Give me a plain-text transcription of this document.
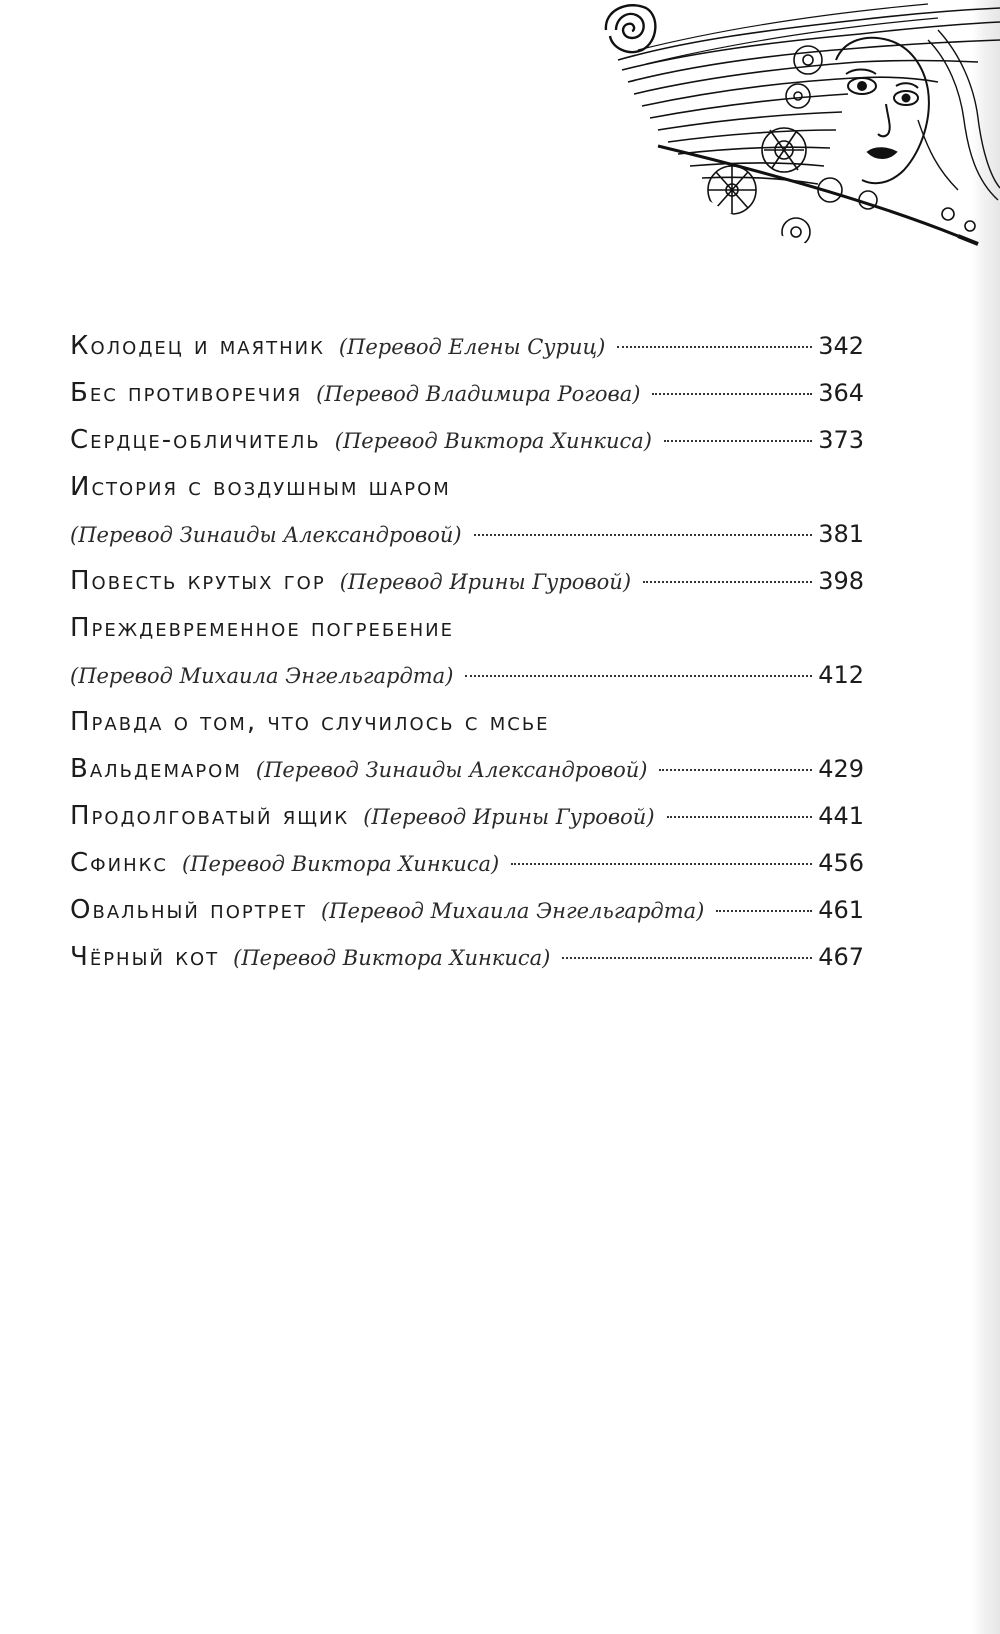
Колодец и маятник (Перевод Елены Суриц)	342
Бес противоречия (Перевод Владимира Рогова)	364
Сердце-обличитель (Перевод Виктора Хинкиса)	373
История с воздушным шаром
(Перевод Зинаиды Александровой)	381
Повесть крутых гор (Перевод Ирины Гуровой)	398
Преждевременное погребение
(Перевод Михаила Энгельгардта)	412
Правда о том, что случилось с мсье
Вальдемаром (Перевод Зинаиды Александровой)	429
Продолговатый ящик (Перевод Ирины Гуровой)	441
Сфинкс (Перевод Виктора Хинкиса)	456
Овальный портрет (Перевод Михаила Энгельгардта)	461
Чёрный кот (Перевод Виктора Хинкиса)	467
